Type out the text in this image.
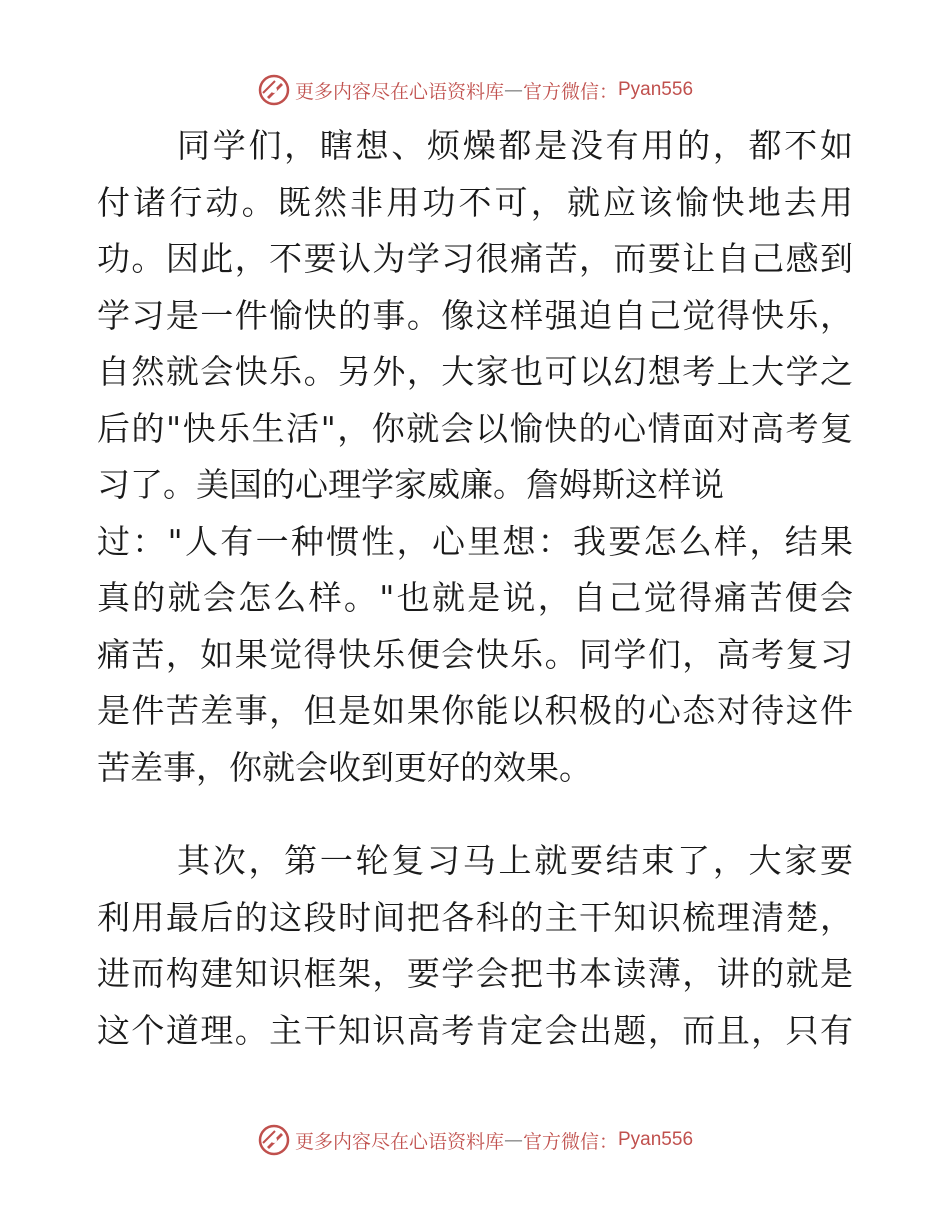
更多内容尽在心语资料库 — 官方微信： Pyan556
同学们，瞎想、烦燥都是没有用的，都不如
付诸行动。既然非用功不可，就应该愉快地去用
功。因此，不要认为学习很痛苦，而要让自己感到
学习是一件愉快的事。像这样强迫自己觉得快乐，
自然就会快乐。另外，大家也可以幻想考上大学之
后的"快乐生活"，你就会以愉快的心情面对高考复
习了。美国的心理学家威廉。詹姆斯这样说
过："人有一种惯性，心里想：我要怎么样，结果
真的就会怎么样。"也就是说，自己觉得痛苦便会
痛苦，如果觉得快乐便会快乐。同学们，高考复习
是件苦差事，但是如果你能以积极的心态对待这件
苦差事，你就会收到更好的效果。
其次，第一轮复习马上就要结束了，大家要
利用最后的这段时间把各科的主干知识梳理清楚，
进而构建知识框架，要学会把书本读薄，讲的就是
这个道理。主干知识高考肯定会出题，而且，只有
更多内容尽在心语资料库 — 官方微信： Pyan556
